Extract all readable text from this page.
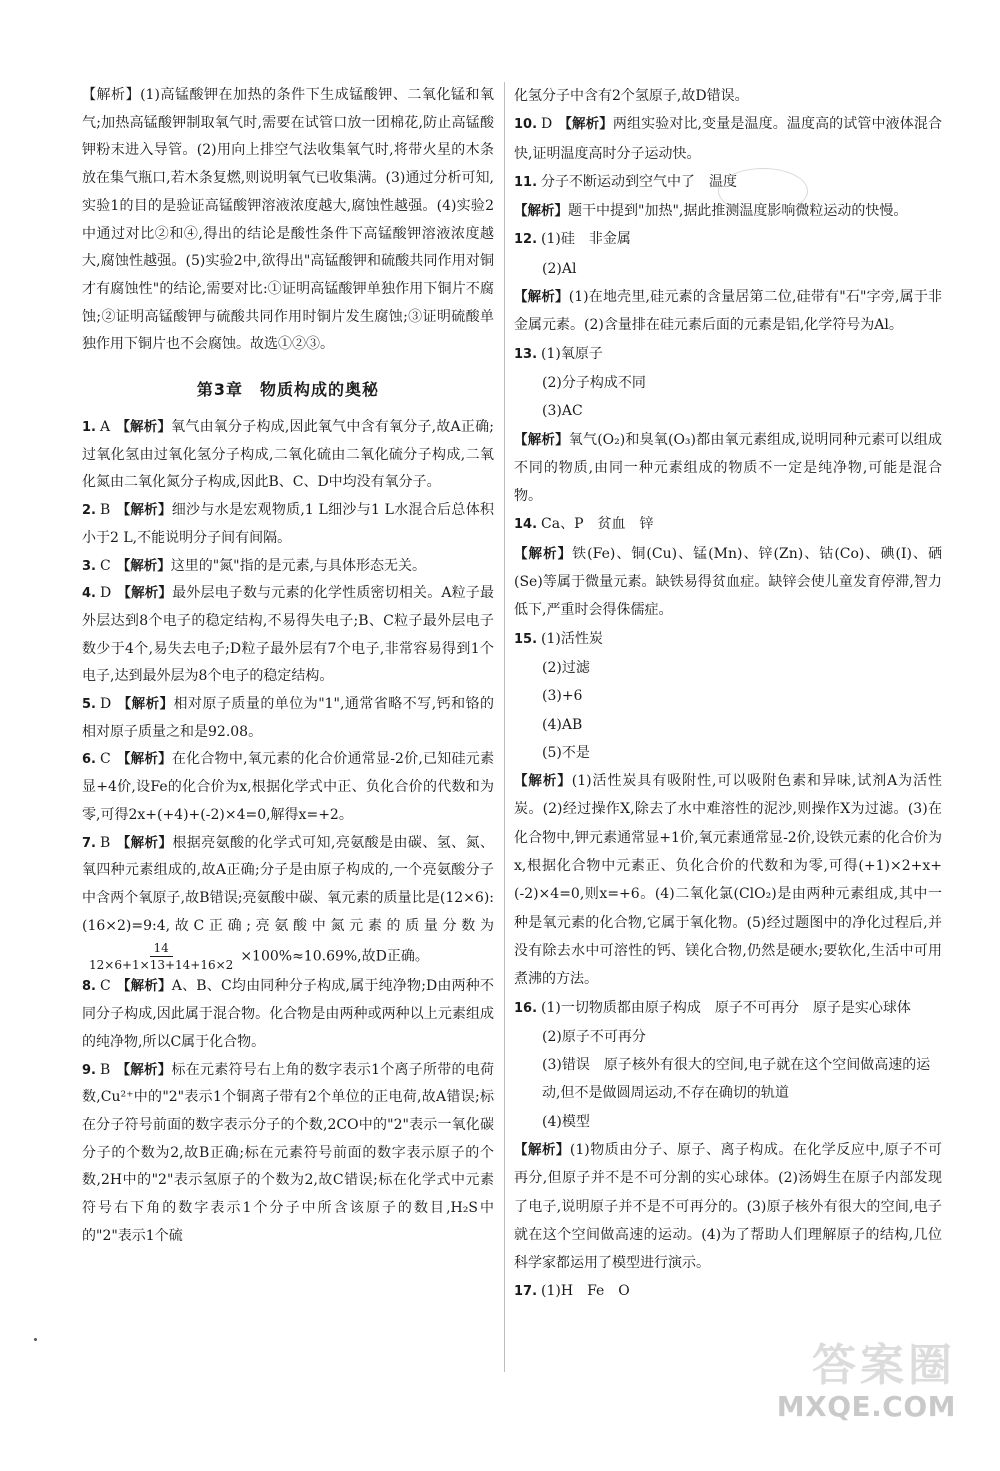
【解析】(1)高锰酸钾在加热的条件下生成锰酸钾、二氧化锰和氧气;加热高锰酸钾制取氧气时,需要在试管口放一团棉花,防止高锰酸钾粉末进入导管。(2)用向上排空气法收集氧气时,将带火星的木条放在集气瓶口,若木条复燃,则说明氧气已收集满。(3)通过分析可知,实验1的目的是验证高锰酸钾溶液浓度越大,腐蚀性越强。(4)实验2中通过对比②和④,得出的结论是酸性条件下高锰酸钾溶液浓度越大,腐蚀性越强。(5)实验2中,欲得出"高锰酸钾和硫酸共同作用对铜才有腐蚀性"的结论,需要对比:①证明高锰酸钾单独作用下铜片不腐蚀;②证明高锰酸钾与硫酸共同作用时铜片发生腐蚀;③证明硫酸单独作用下铜片也不会腐蚀。故选①②③。

第3章　物质构成的奥秘

1. A 【解析】氧气由氧分子构成,因此氧气中含有氧分子,故A正确;过氧化氢由过氧化氢分子构成,二氧化硫由二氧化硫分子构成,二氧化氮由二氧化氮分子构成,因此B、C、D中均没有氧分子。

2. B 【解析】细沙与水是宏观物质,1 L细沙与1 L水混合后总体积小于2 L,不能说明分子间有间隔。

3. C 【解析】这里的"氮"指的是元素,与具体形态无关。

4. D 【解析】最外层电子数与元素的化学性质密切相关。A粒子最外层达到8个电子的稳定结构,不易得失电子;B、C粒子最外层电子数少于4个,易失去电子;D粒子最外层有7个电子,非常容易得到1个电子,达到最外层为8个电子的稳定结构。

5. D 【解析】相对原子质量的单位为"1",通常省略不写,钙和铬的相对原子质量之和是92.08。

6. C 【解析】在化合物中,氧元素的化合价通常显-2价,已知硅元素显+4价,设Fe的化合价为x,根据化学式中正、负化合价的代数和为零,可得2x+(+4)+(-2)×4=0,解得x=+2。

7. B 【解析】根据亮氨酸的化学式可知,亮氨酸是由碳、氢、氮、氧四种元素组成的,故A正确;分子是由原子构成的,一个亮氨酸分子中含两个氧原子,故B错误;亮氨酸中碳、氧元素的质量比是(12×6):(16×2)=9:4,故C正确;亮氨酸中氮元素的质量分数为
$\frac{14}{12\times 6+1\times 13+14+16\times 2} \times 100\%\approx 10.69\%$,故D正确。

8. C 【解析】A、B、C均由同种分子构成,属于纯净物;D由两种不同分子构成,因此属于混合物。化合物是由两种或两种以上元素组成的纯净物,所以C属于化合物。

9. B 【解析】标在元素符号右上角的数字表示1个离子所带的电荷数,Cu²⁺中的"2"表示1个铜离子带有2个单位的正电荷,故A错误;标在分子符号前面的数字表示分子的个数,2CO中的"2"表示一氧化碳分子的个数为2,故B正确;标在元素符号前面的数字表示原子的个数,2H中的"2"表示氢原子的个数为2,故C错误;标在化学式中元素符号右下角的数字表示1个分子中所含该原子的数目,H₂S中的"2"表示1个硫

化氢分子中含有2个氢原子,故D错误。

10. D 【解析】两组实验对比,变量是温度。温度高的试管中液体混合快,证明温度高时分子运动快。

11. 分子不断运动到空气中了　温度

【解析】题干中提到"加热",据此推测温度影响微粒运动的快慢。

12. (1)硅　非金属

(2)Al

【解析】(1)在地壳里,硅元素的含量居第二位,硅带有"石"字旁,属于非金属元素。(2)含量排在硅元素后面的元素是铝,化学符号为Al。

13. (1)氧原子

(2)分子构成不同

(3)AC

【解析】氧气(O₂)和臭氧(O₃)都由氧元素组成,说明同种元素可以组成不同的物质,由同一种元素组成的物质不一定是纯净物,可能是混合物。

14. Ca、P　贫血　锌

【解析】铁(Fe)、铜(Cu)、锰(Mn)、锌(Zn)、钴(Co)、碘(I)、硒(Se)等属于微量元素。缺铁易得贫血症。缺锌会使儿童发育停滞,智力低下,严重时会得侏儒症。

15. (1)活性炭

(2)过滤

(3)+6

(4)AB

(5)不是

【解析】(1)活性炭具有吸附性,可以吸附色素和异味,试剂A为活性炭。(2)经过操作X,除去了水中难溶性的泥沙,则操作X为过滤。(3)在化合物中,钾元素通常显+1价,氧元素通常显-2价,设铁元素的化合价为x,根据化合物中元素正、负化合价的代数和为零,可得(+1)×2+x+(-2)×4=0,则x=+6。(4)二氧化氯(ClO₂)是由两种元素组成,其中一种是氧元素的化合物,它属于氧化物。(5)经过题图中的净化过程后,并没有除去水中可溶性的钙、镁化合物,仍然是硬水;要软化,生活中可用煮沸的方法。

16. (1)一切物质都由原子构成　原子不可再分　原子是实心球体

(2)原子不可再分

(3)错误　原子核外有很大的空间,电子就在这个空间做高速的运动,但不是做圆周运动,不存在确切的轨道

(4)模型

【解析】(1)物质由分子、原子、离子构成。在化学反应中,原子不可再分,但原子并不是不可分割的实心球体。(2)汤姆生在原子内部发现了电子,说明原子并不是不可再分的。(3)原子核外有很大的空间,电子就在这个空间做高速的运动。(4)为了帮助人们理解原子的结构,几位科学家都运用了模型进行演示。

17. (1)H　Fe　O

答案圈
MXQE.COM
